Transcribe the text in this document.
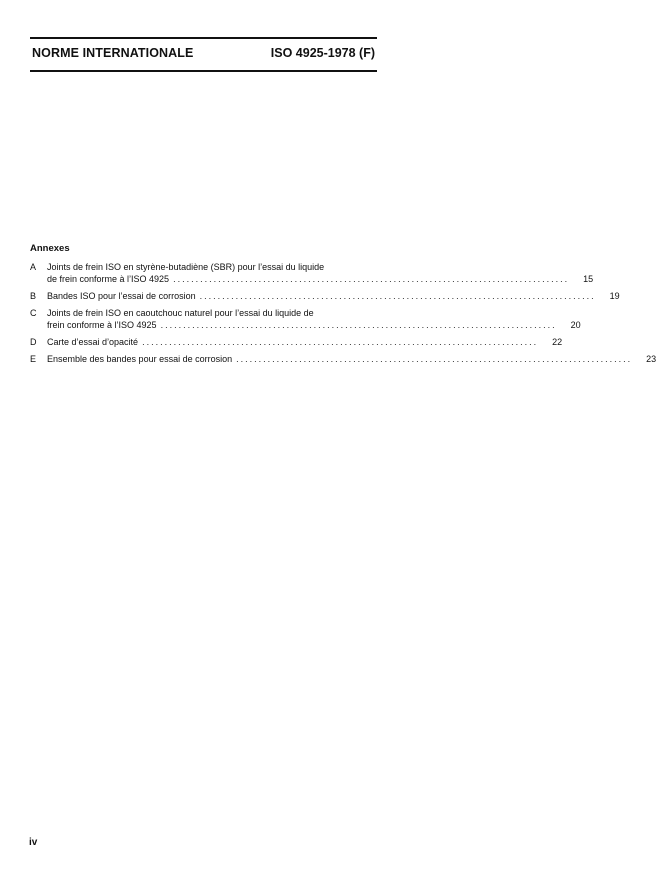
NORME INTERNATIONALE	ISO 4925-1978 (F)
Annexes
A	Joints de frein ISO en styrène-butadiène (SBR) pour l’essai du liquide
de frein conforme à l’ISO 4925 ........................................................................................	15
B	Bandes ISO pour l’essai de corrosion ........................................................................................	19
C	Joints de frein ISO en caoutchouc naturel pour l’essai du liquide de
frein conforme à l’ISO 4925 ........................................................................................	20
D	Carte d’essai d’opacité ........................................................................................	22
E	Ensemble des bandes pour essai de corrosion ........................................................................................	23
iv
